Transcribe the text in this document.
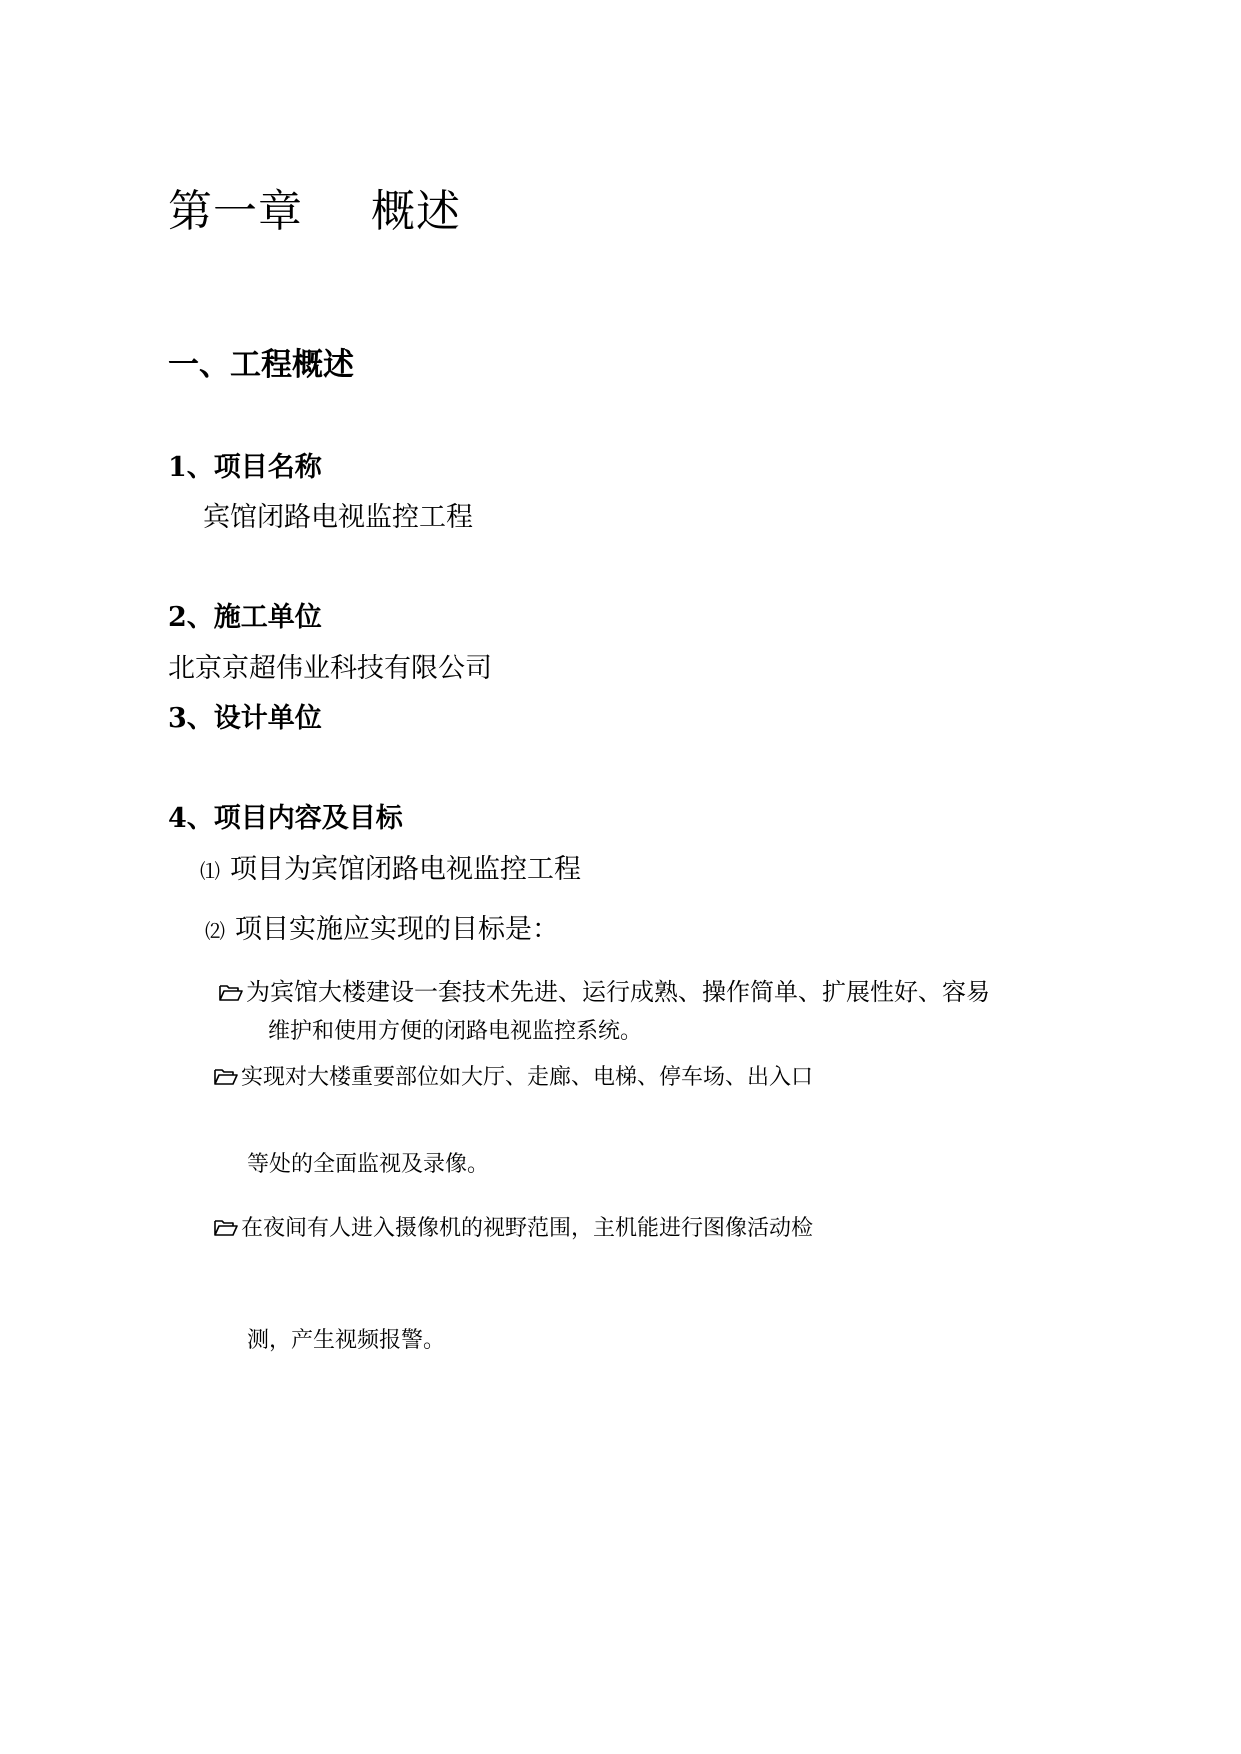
第一章 概述
一、工程概述
1、项目名称
宾馆闭路电视监控工程
2、施工单位
北京京超伟业科技有限公司
3、设计单位
4、项目内容及目标
⑴ 项目为宾馆闭路电视监控工程
⑵ 项目实施应实现的目标是：
为宾馆大楼建设一套技术先进、运行成熟、操作简单、扩展性好、容易
维护和使用方便的闭路电视监控系统。
实现对大楼重要部位如大厅、走廊、电梯、停车场、出入口
等处的全面监视及录像。
在夜间有人进入摄像机的视野范围，主机能进行图像活动检
测，产生视频报警。
